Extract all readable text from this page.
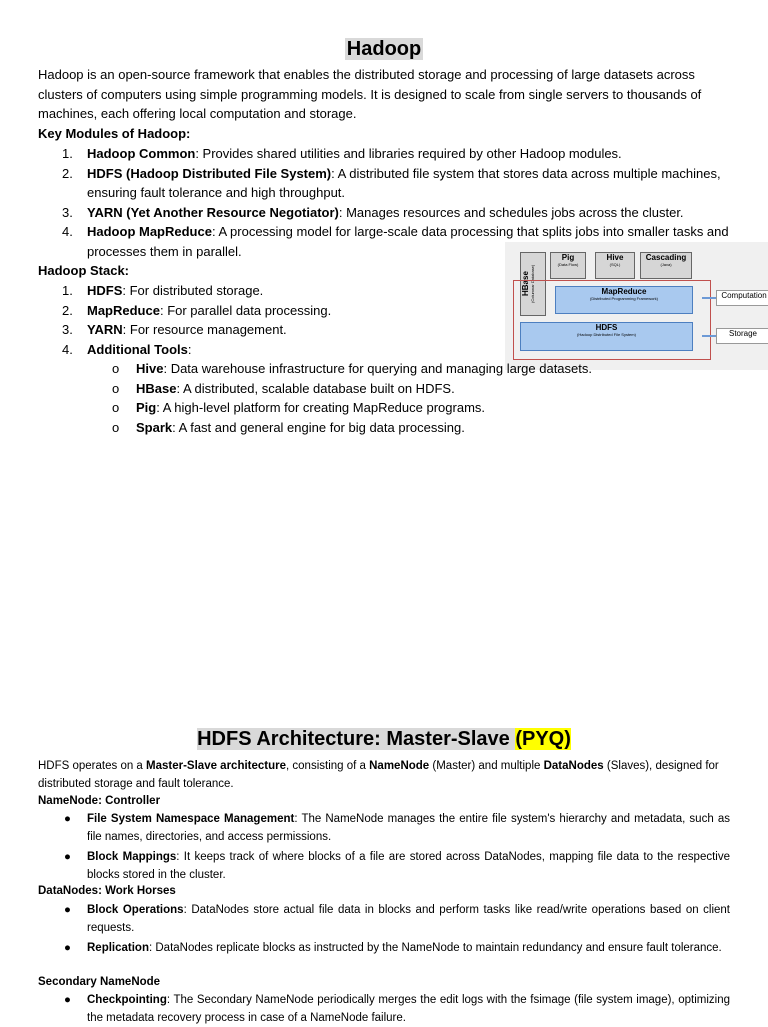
Hadoop
Hadoop is an open-source framework that enables the distributed storage and processing of large datasets across clusters of computers using simple programming models. It is designed to scale from single servers to thousands of machines, each offering local computation and storage.
Key Modules of Hadoop:
1. Hadoop Common: Provides shared utilities and libraries required by other Hadoop modules.
2. HDFS (Hadoop Distributed File System): A distributed file system that stores data across multiple machines, ensuring fault tolerance and high throughput.
3. YARN (Yet Another Resource Negotiator): Manages resources and schedules jobs across the cluster.
4. Hadoop MapReduce: A processing model for large-scale data processing that splits jobs into smaller tasks and processes them in parallel.
Hadoop Stack:
1. HDFS: For distributed storage.
2. MapReduce: For parallel data processing.
3. YARN: For resource management.
4. Additional Tools:
Pig
(Data Flow)
Hive
(SQL)
Cascading
(Java)
HBase (Columnar Database)	MapReduce
(Distributed Programming Framework)
HDFS
(Hadoop Distributed File System)
Computation
Storage
o Hive: Data warehouse infrastructure for querying and managing large datasets.
o HBase: A distributed, scalable database built on HDFS.
o Pig: A high-level platform for creating MapReduce programs.
o Spark: A fast and general engine for big data processing.
HDFS Architecture: Master-Slave (PYQ)
HDFS operates on a Master-Slave architecture, consisting of a NameNode (Master) and multiple DataNodes (Slaves), designed for distributed storage and fault tolerance.
NameNode: Controller
● File System Namespace Management: The NameNode manages the entire file system's hierarchy and metadata, such as file names, directories, and access permissions.
● Block Mappings: It keeps track of where blocks of a file are stored across DataNodes, mapping file data to the respective blocks stored in the cluster.
DataNodes: Work Horses
● Block Operations: DataNodes store actual file data in blocks and perform tasks like read/write operations based on client requests.
● Replication: DataNodes replicate blocks as instructed by the NameNode to maintain redundancy and ensure fault tolerance.
Secondary NameNode
● Checkpointing: The Secondary NameNode periodically merges the edit logs with the fsimage (file system image), optimizing the metadata recovery process in case of a NameNode failure.
